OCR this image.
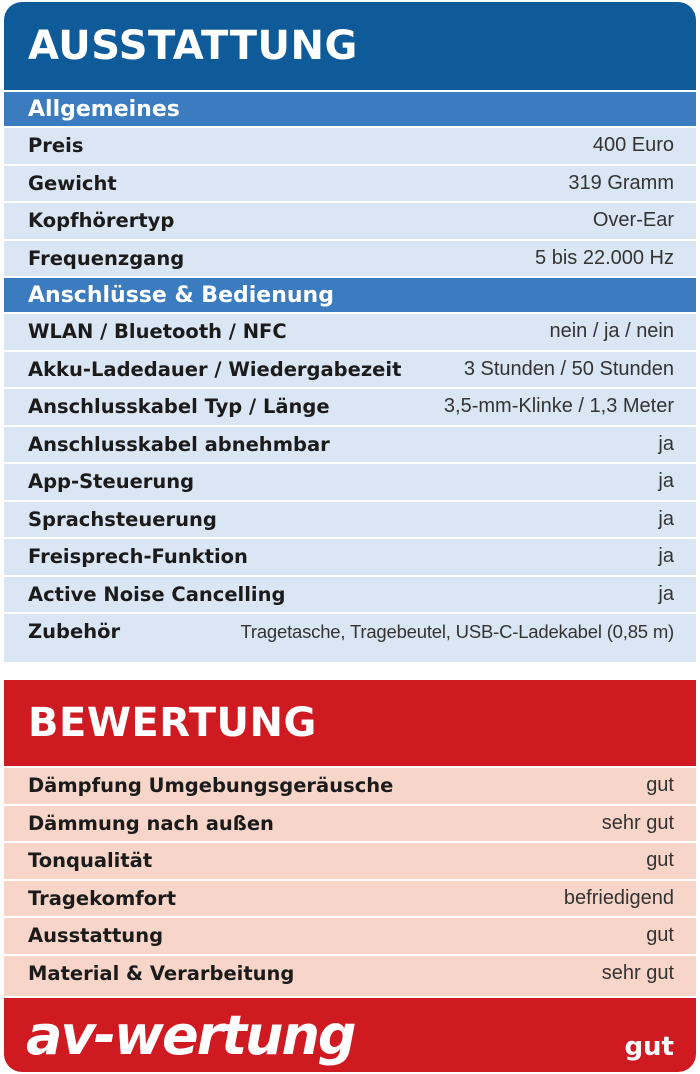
AUSSTATTUNG
Allgemeines
Preis	400 Euro
Gewicht	319 Gramm
Kopfhörertyp	Over-Ear
Frequenzgang	5 bis 22.000 Hz
Anschlüsse & Bedienung
WLAN / Bluetooth / NFC	nein / ja / nein
Akku-Ladedauer / Wiedergabezeit	3 Stunden / 50 Stunden
Anschlusskabel Typ / Länge	3,5-mm-Klinke / 1,3 Meter
Anschlusskabel abnehmbar	ja
App-Steuerung	ja
Sprachsteuerung	ja
Freisprech-Funktion	ja
Active Noise Cancelling	ja
Zubehör	Tragetasche, Tragebeutel, USB-C-Ladekabel (0,85 m)
BEWERTUNG
Dämpfung Umgebungsgeräusche	gut
Dämmung nach außen	sehr gut
Tonqualität	gut
Tragekomfort	befriedigend
Ausstattung	gut
Material & Verarbeitung	sehr gut
av-wertung	gut
